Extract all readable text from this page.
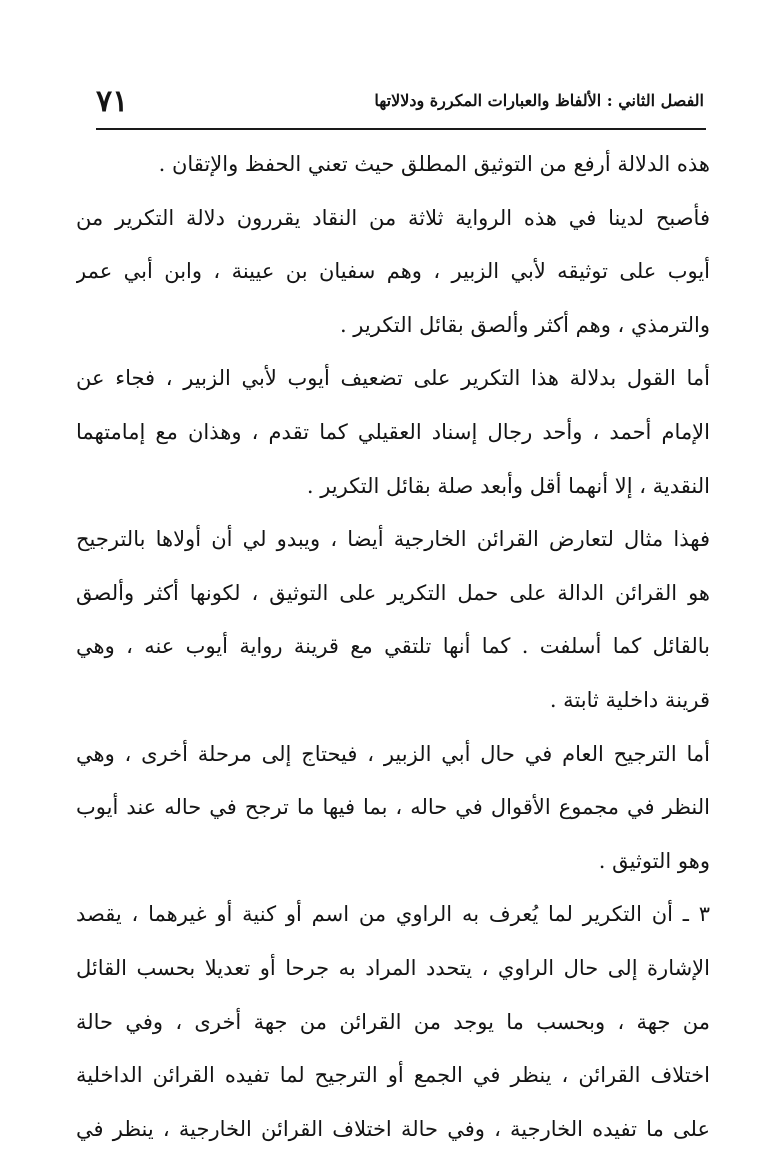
٧١	الفصل الثاني : الألفاظ والعبارات المكررة ودلالاتها
هذه الدلالة أرفع من التوثيق المطلق حيث تعني الحفظ والإتقان .
فأصبح لدينا في هذه الرواية ثلاثة من النقاد يقررون دلالة التكرير من
أيوب على توثيقه لأبي الزبير ، وهم سفيان بن عيينة ، وابن أبي عمر
والترمذي ، وهم أكثر وألصق بقائل التكرير .
أما القول بدلالة هذا التكرير على تضعيف أيوب لأبي الزبير ، فجاء عن
الإمام أحمد ، وأحد رجال إسناد العقيلي كما تقدم ، وهذان مع إمامتهما
النقدية ، إلا أنهما أقل وأبعد صلة بقائل التكرير .
فهذا مثال لتعارض القرائن الخارجية أيضا ، ويبدو لي أن أولاها بالترجيح
هو القرائن الدالة على حمل التكرير على التوثيق ، لكونها أكثر وألصق
بالقائل كما أسلفت . كما أنها تلتقي مع قرينة رواية أيوب عنه ، وهي
قرينة داخلية ثابتة .
أما الترجيح العام في حال أبي الزبير ، فيحتاج إلى مرحلة أخرى ، وهي
النظر في مجموع الأقوال في حاله ، بما فيها ما ترجح في حاله عند أيوب
وهو التوثيق .
٣ ـ أن التكرير لما يُعرف به الراوي من اسم أو كنية أو غيرهما ، يقصد
الإشارة إلى حال الراوي ، يتحدد المراد به جرحا أو تعديلا بحسب القائل
من جهة ، وبحسب ما يوجد من القرائن من جهة أخرى ، وفي حالة
اختلاف القرائن ، ينظر في الجمع أو الترجيح لما تفيده القرائن الداخلية
على ما تفيده الخارجية ، وفي حالة اختلاف القرائن الخارجية ، ينظر في
